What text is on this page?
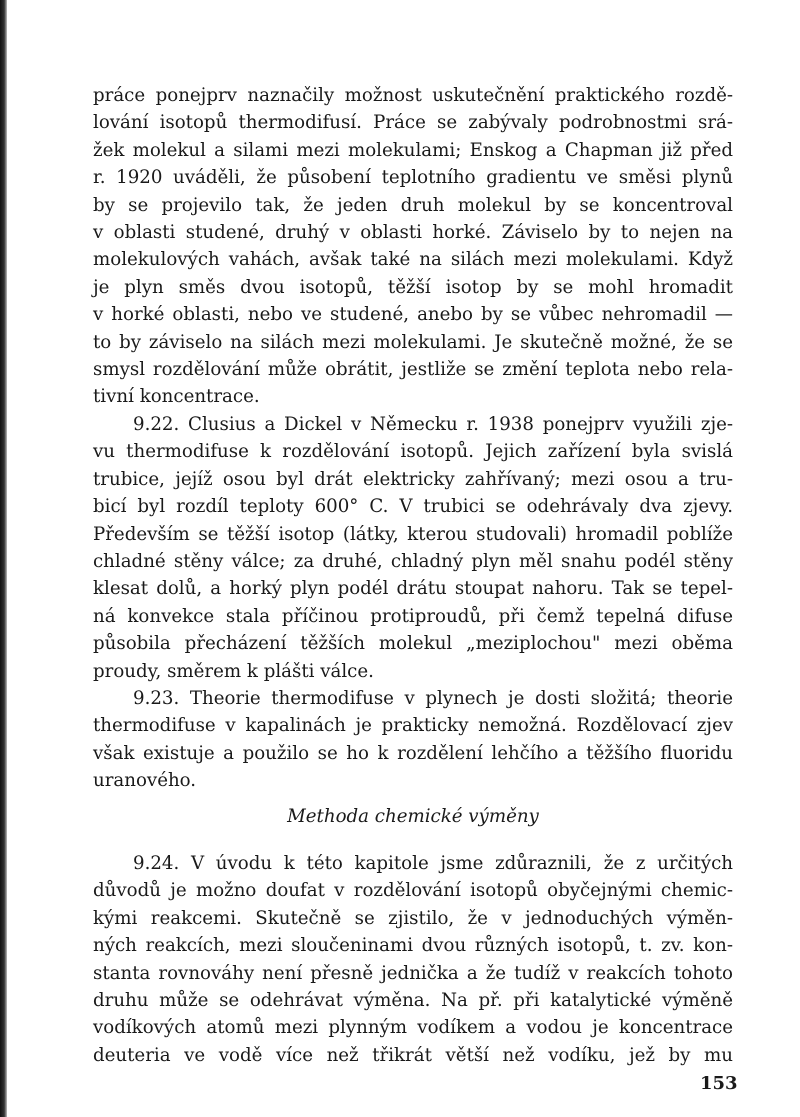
práce ponejprv naznačily možnost uskutečnění praktického rozdě-
lování isotopů thermodifusí. Práce se zabývaly podrobnostmi srá-
žek molekul a silami mezi molekulami; Enskog a Chapman již před
r. 1920 uváděli, že působení teplotního gradientu ve směsi plynů
by se projevilo tak, že jeden druh molekul by se koncentroval
v oblasti studené, druhý v oblasti horké. Záviselo by to nejen na
molekulových vahách, avšak také na silách mezi molekulami. Když
je plyn směs dvou isotopů, těžší isotop by se mohl hromadit
v horké oblasti, nebo ve studené, anebo by se vůbec nehromadil —
to by záviselo na silách mezi molekulami. Je skutečně možné, že se
smysl rozdělování může obrátit, jestliže se změní teplota nebo rela-
tivní koncentrace.

9.22. Clusius a Dickel v Německu r. 1938 ponejprv využili zje-
vu thermodifuse k rozdělování isotopů. Jejich zařízení byla svislá
trubice, jejíž osou byl drát elektricky zahřívaný; mezi osou a tru-
bicí byl rozdíl teploty 600° C. V trubici se odehrávaly dva zjevy.
Především se těžší isotop (látky, kterou studovali) hromadil poblíže
chladné stěny válce; za druhé, chladný plyn měl snahu podél stěny
klesat dolů, a horký plyn podél drátu stoupat nahoru. Tak se tepel-
ná konvekce stala příčinou protiproudů, při čemž tepelná difuse
působila přecházení těžších molekul „meziplochou" mezi oběma
proudy, směrem k plášti válce.

9.23. Theorie thermodifuse v plynech je dosti složitá; theorie
thermodifuse v kapalinách je prakticky nemožná. Rozdělovací zjev
však existuje a použilo se ho k rozdělení lehčího a těžšího fluoridu
uranového.

Methoda chemické výměny

9.24. V úvodu k této kapitole jsme zdůraznili, že z určitých
důvodů je možno doufat v rozdělování isotopů obyčejnými chemic-
kými reakcemi. Skutečně se zjistilo, že v jednoduchých výměn-
ných reakcích, mezi sloučeninami dvou různých isotopů, t. zv. kon-
stanta rovnováhy není přesně jednička a že tudíž v reakcích tohoto
druhu může se odehrávat výměna. Na př. při katalytické výměně
vodíkových atomů mezi plynným vodíkem a vodou je koncentrace
deuteria ve vodě více než třikrát větší než vodíku, jež by mu

153
